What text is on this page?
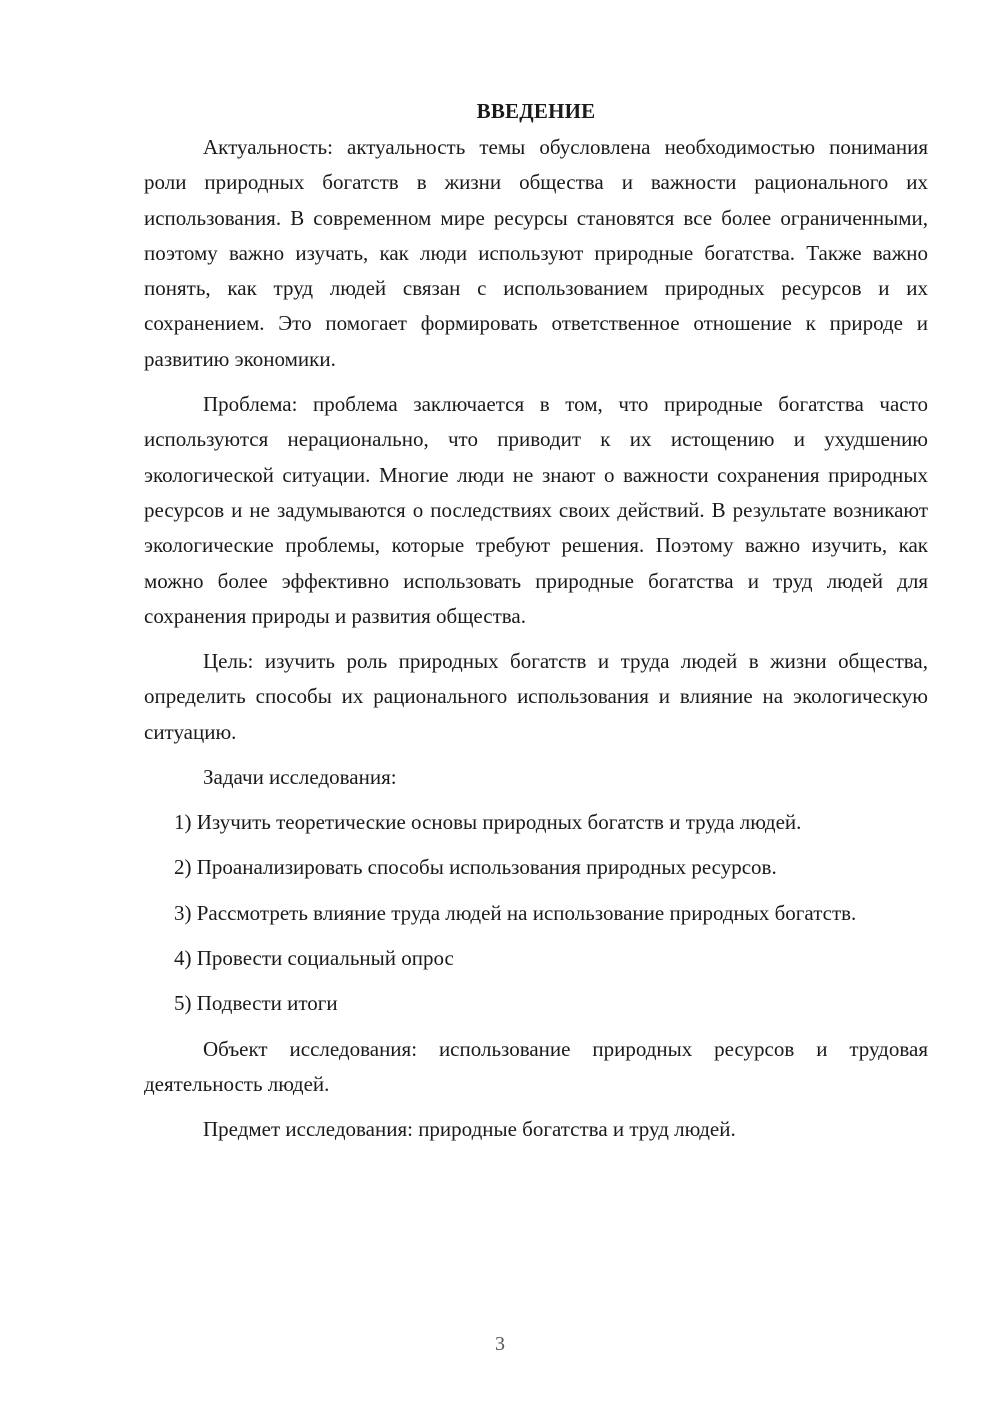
ВВЕДЕНИЕ

Актуальность: актуальность темы обусловлена необходимостью понимания роли природных богатств в жизни общества и важности рационального их использования. В современном мире ресурсы становятся все более ограниченными, поэтому важно изучать, как люди используют природные богатства. Также важно понять, как труд людей связан с использованием природных ресурсов и их сохранением. Это помогает формировать ответственное отношение к природе и развитию экономики.

Проблема: проблема заключается в том, что природные богатства часто используются нерационально, что приводит к их истощению и ухудшению экологической ситуации. Многие люди не знают о важности сохранения природных ресурсов и не задумываются о последствиях своих действий. В результате возникают экологические проблемы, которые требуют решения. Поэтому важно изучить, как можно более эффективно использовать природные богатства и труд людей для сохранения природы и развития общества.

Цель: изучить роль природных богатств и труда людей в жизни общества, определить способы их рационального использования и влияние на экологическую ситуацию.

Задачи исследования:

1) Изучить теоретические основы природных богатств и труда людей.

2) Проанализировать способы использования природных ресурсов.

3) Рассмотреть влияние труда людей на использование природных богатств.

4) Провести социальный опрос

5) Подвести итоги

Объект исследования: использование природных ресурсов и трудовая деятельность людей.

Предмет исследования: природные богатства и труд людей.

3
